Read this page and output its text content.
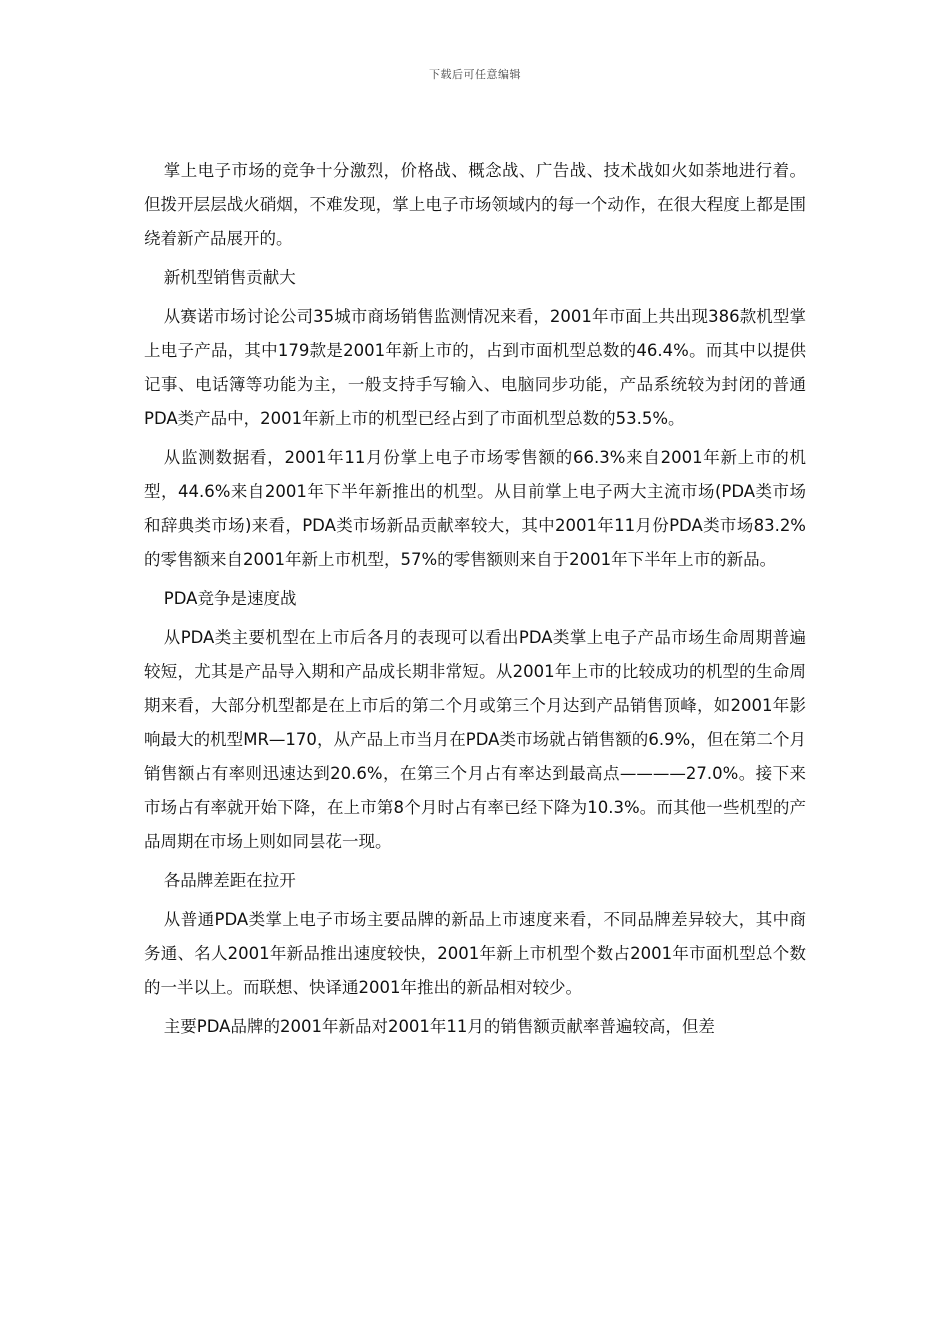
下载后可任意编辑

掌上电子市场的竞争十分激烈，价格战、概念战、广告战、技术战如火如荼地进行着。但拨开层层战火硝烟，不难发现，掌上电子市场领域内的每一个动作，在很大程度上都是围绕着新产品展开的。

新机型销售贡献大

从赛诺市场讨论公司35城市商场销售监测情况来看，2001年市面上共出现386款机型掌上电子产品，其中179款是2001年新上市的，占到市面机型总数的46.4%。而其中以提供记事、电话簿等功能为主，一般支持手写输入、电脑同步功能，产品系统较为封闭的普通PDA类产品中，2001年新上市的机型已经占到了市面机型总数的53.5%。

从监测数据看，2001年11月份掌上电子市场零售额的66.3%来自2001年新上市的机型，44.6%来自2001年下半年新推出的机型。从目前掌上电子两大主流市场(PDA类市场和辞典类市场)来看，PDA类市场新品贡献率较大，其中2001年11月份PDA类市场83.2%的零售额来自2001年新上市机型，57%的零售额则来自于2001年下半年上市的新品。

PDA竞争是速度战

从PDA类主要机型在上市后各月的表现可以看出PDA类掌上电子产品市场生命周期普遍较短，尤其是产品导入期和产品成长期非常短。从2001年上市的比较成功的机型的生命周期来看，大部分机型都是在上市后的第二个月或第三个月达到产品销售顶峰，如2001年影响最大的机型MR—170，从产品上市当月在PDA类市场就占销售额的6.9%，但在第二个月销售额占有率则迅速达到20.6%，在第三个月占有率达到最高点————27.0%。接下来市场占有率就开始下降，在上市第8个月时占有率已经下降为10.3%。而其他一些机型的产品周期在市场上则如同昙花一现。

各品牌差距在拉开

从普通PDA类掌上电子市场主要品牌的新品上市速度来看，不同品牌差异较大，其中商务通、名人2001年新品推出速度较快，2001年新上市机型个数占2001年市面机型总个数的一半以上。而联想、快译通2001年推出的新品相对较少。

主要PDA品牌的2001年新品对2001年11月的销售额贡献率普遍较高，但差
